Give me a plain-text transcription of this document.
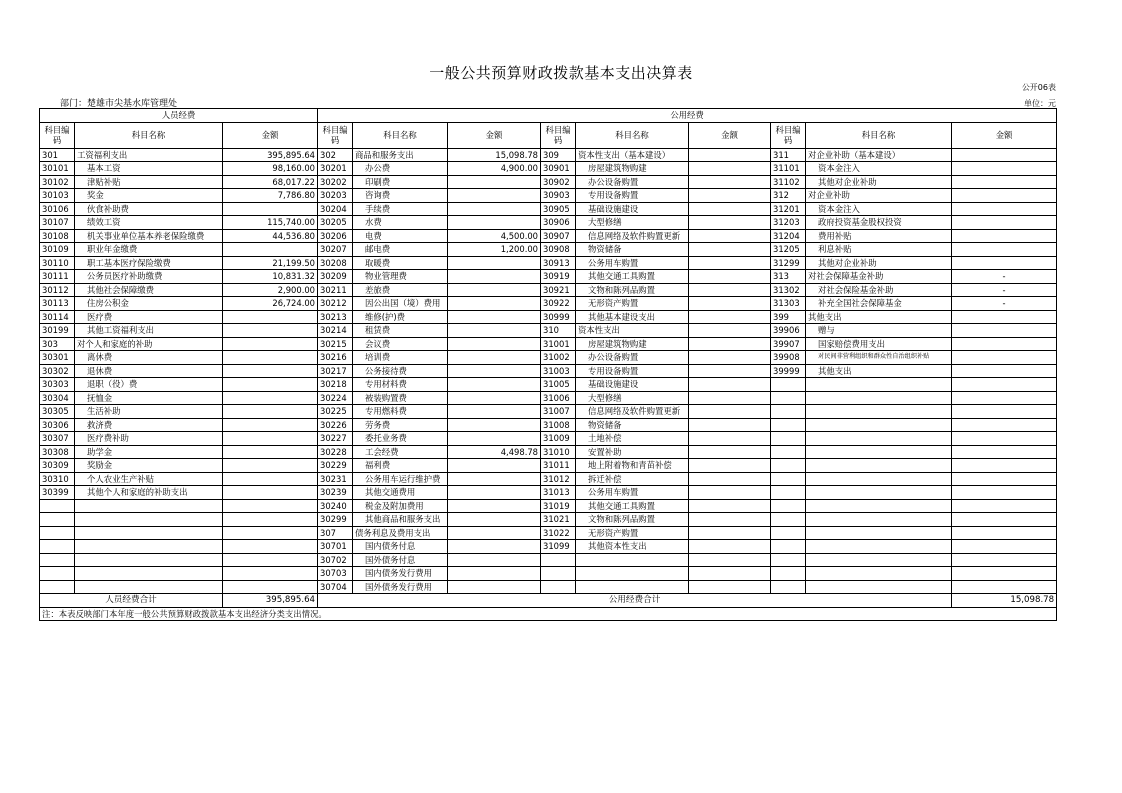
一般公共预算财政拨款基本支出决算表
公开06表
部门：楚雄市尖基水库管理处	单位：元
人员经费			公用经费								
科目编码	科目名称	金额	科目编码	科目名称	金额	科目编码	科目名称	金额	科目编码	科目名称	金额
301	工资福利支出	395,895.64	302	商品和服务支出	15,098.78	309	资本性支出（基本建设）		311	对企业补助（基本建设）	
30101	基本工资	98,160.00	30201	办公费	4,900.00	30901	房屋建筑物购建		31101	资本金注入	
30102	津贴补贴	68,017.22	30202	印刷费		30902	办公设备购置		31102	其他对企业补助	
30103	奖金	7,786.80	30203	咨询费		30903	专用设备购置		312	对企业补助	
30106	伙食补助费		30204	手续费		30905	基础设施建设		31201	资本金注入	
30107	绩效工资	115,740.00	30205	水费		30906	大型修缮		31203	政府投资基金股权投资	
30108	机关事业单位基本养老保险缴费	44,536.80	30206	电费	4,500.00	30907	信息网络及软件购置更新		31204	费用补贴	
30109	职业年金缴费		30207	邮电费	1,200.00	30908	物资储备		31205	利息补贴	
30110	职工基本医疗保险缴费	21,199.50	30208	取暖费		30913	公务用车购置		31299	其他对企业补助	
30111	公务员医疗补助缴费	10,831.32	30209	物业管理费		30919	其他交通工具购置		313	对社会保障基金补助	-
30112	其他社会保障缴费	2,900.00	30211	差旅费		30921	文物和陈列品购置		31302	对社会保险基金补助	-
30113	住房公积金	26,724.00	30212	因公出国（境）费用		30922	无形资产购置		31303	补充全国社会保障基金	-
30114	医疗费		30213	维修(护)费		30999	其他基本建设支出		399	其他支出	
30199	其他工资福利支出		30214	租赁费		310	资本性支出		39906	赠与	
303	对个人和家庭的补助		30215	会议费		31001	房屋建筑物购建		39907	国家赔偿费用支出	
30301	离休费		30216	培训费		31002	办公设备购置		39908	对民间非营利组织和群众性自治组织补贴	
30302	退休费		30217	公务接待费		31003	专用设备购置		39999	其他支出	
30303	退职（役）费		30218	专用材料费		31005	基础设施建设				
30304	抚恤金		30224	被装购置费		31006	大型修缮				
30305	生活补助		30225	专用燃料费		31007	信息网络及软件购置更新				
30306	救济费		30226	劳务费		31008	物资储备				
30307	医疗费补助		30227	委托业务费		31009	土地补偿				
30308	助学金		30228	工会经费	4,498.78	31010	安置补助				
30309	奖励金		30229	福利费		31011	地上附着物和青苗补偿				
30310	个人农业生产补贴		30231	公务用车运行维护费		31012	拆迁补偿				
30399	其他个人和家庭的补助支出		30239	其他交通费用		31013	公务用车购置				
			30240	税金及附加费用		31019	其他交通工具购置				
			30299	其他商品和服务支出		31021	文物和陈列品购置				
			307	债务利息及费用支出		31022	无形资产购置				
			30701	国内债务付息		31099	其他资本性支出				
			30702	国外债务付息							
			30703	国内债务发行费用							
			30704	国外债务发行费用							
人员经费合计		395,895.64	公用经费合计								15,098.78
注：本表反映部门本年度一般公共预算财政拨款基本支出经济分类支出情况。											
